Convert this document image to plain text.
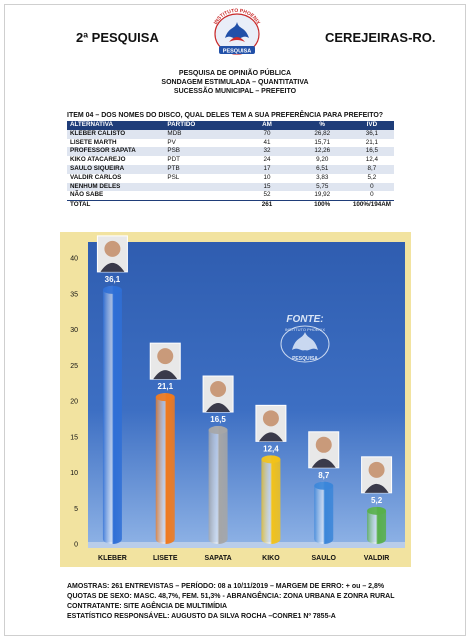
2ª PESQUISA	CEREJEIRAS-RO.
INSTITUTO PHOENIX
PESQUISA
PESQUISA DE OPINIÃO PÚBLICA
SONDAGEM ESTIMULADA – QUANTITATIVA
SUCESSÃO MUNICIPAL – PREFEITO
ITEM 04 – DOS NOMES DO DISCO, QUAL DELES TEM A SUA PREFERÊNCIA PARA PREFEITO?
ALTERNATIVA	PARTIDO	AM	%	IVD
KLEBER CALISTO	MDB	70	26,82	36,1
LISETE MARTH	PV	41	15,71	21,1
PROFESSOR SAPATA	PSB	32	12,26	16,5
KIKO ATACAREJO	PDT	24	9,20	12,4
SAULO SIQUEIRA	PTB	17	6,51	8,7
VALDIR CARLOS	PSL	10	3,83	5,2
NENHUM DELES		15	5,75	0
NÃO SABE		52	19,92	0
TOTAL		261	100%	100%/194AM
0
5
10
15
20
25
30
35
40
FONTE:
PESQUISA
INSTITUTO PHOENIX
36,1
KLEBER
21,1
LISETE
16,5
SAPATA
12,4
KIKO
8,7
SAULO
5,2
VALDIR
AMOSTRAS: 261 ENTREVISTAS – PERÍODO: 08 a 10/11/2019 – MARGEM DE ERRO: + ou – 2,8%
QUOTAS DE SEXO: MASC. 48,7%, FEM. 51,3% - ABRANGÊNCIA: ZONA URBANA E ZONRA RURAL
CONTRATANTE: SITE AGÊNCIA DE MULTIMÍDIA
ESTATÍSTICO RESPONSÁVEL: AUGUSTO DA SILVA ROCHA –CONRE1 Nº 7855-A
